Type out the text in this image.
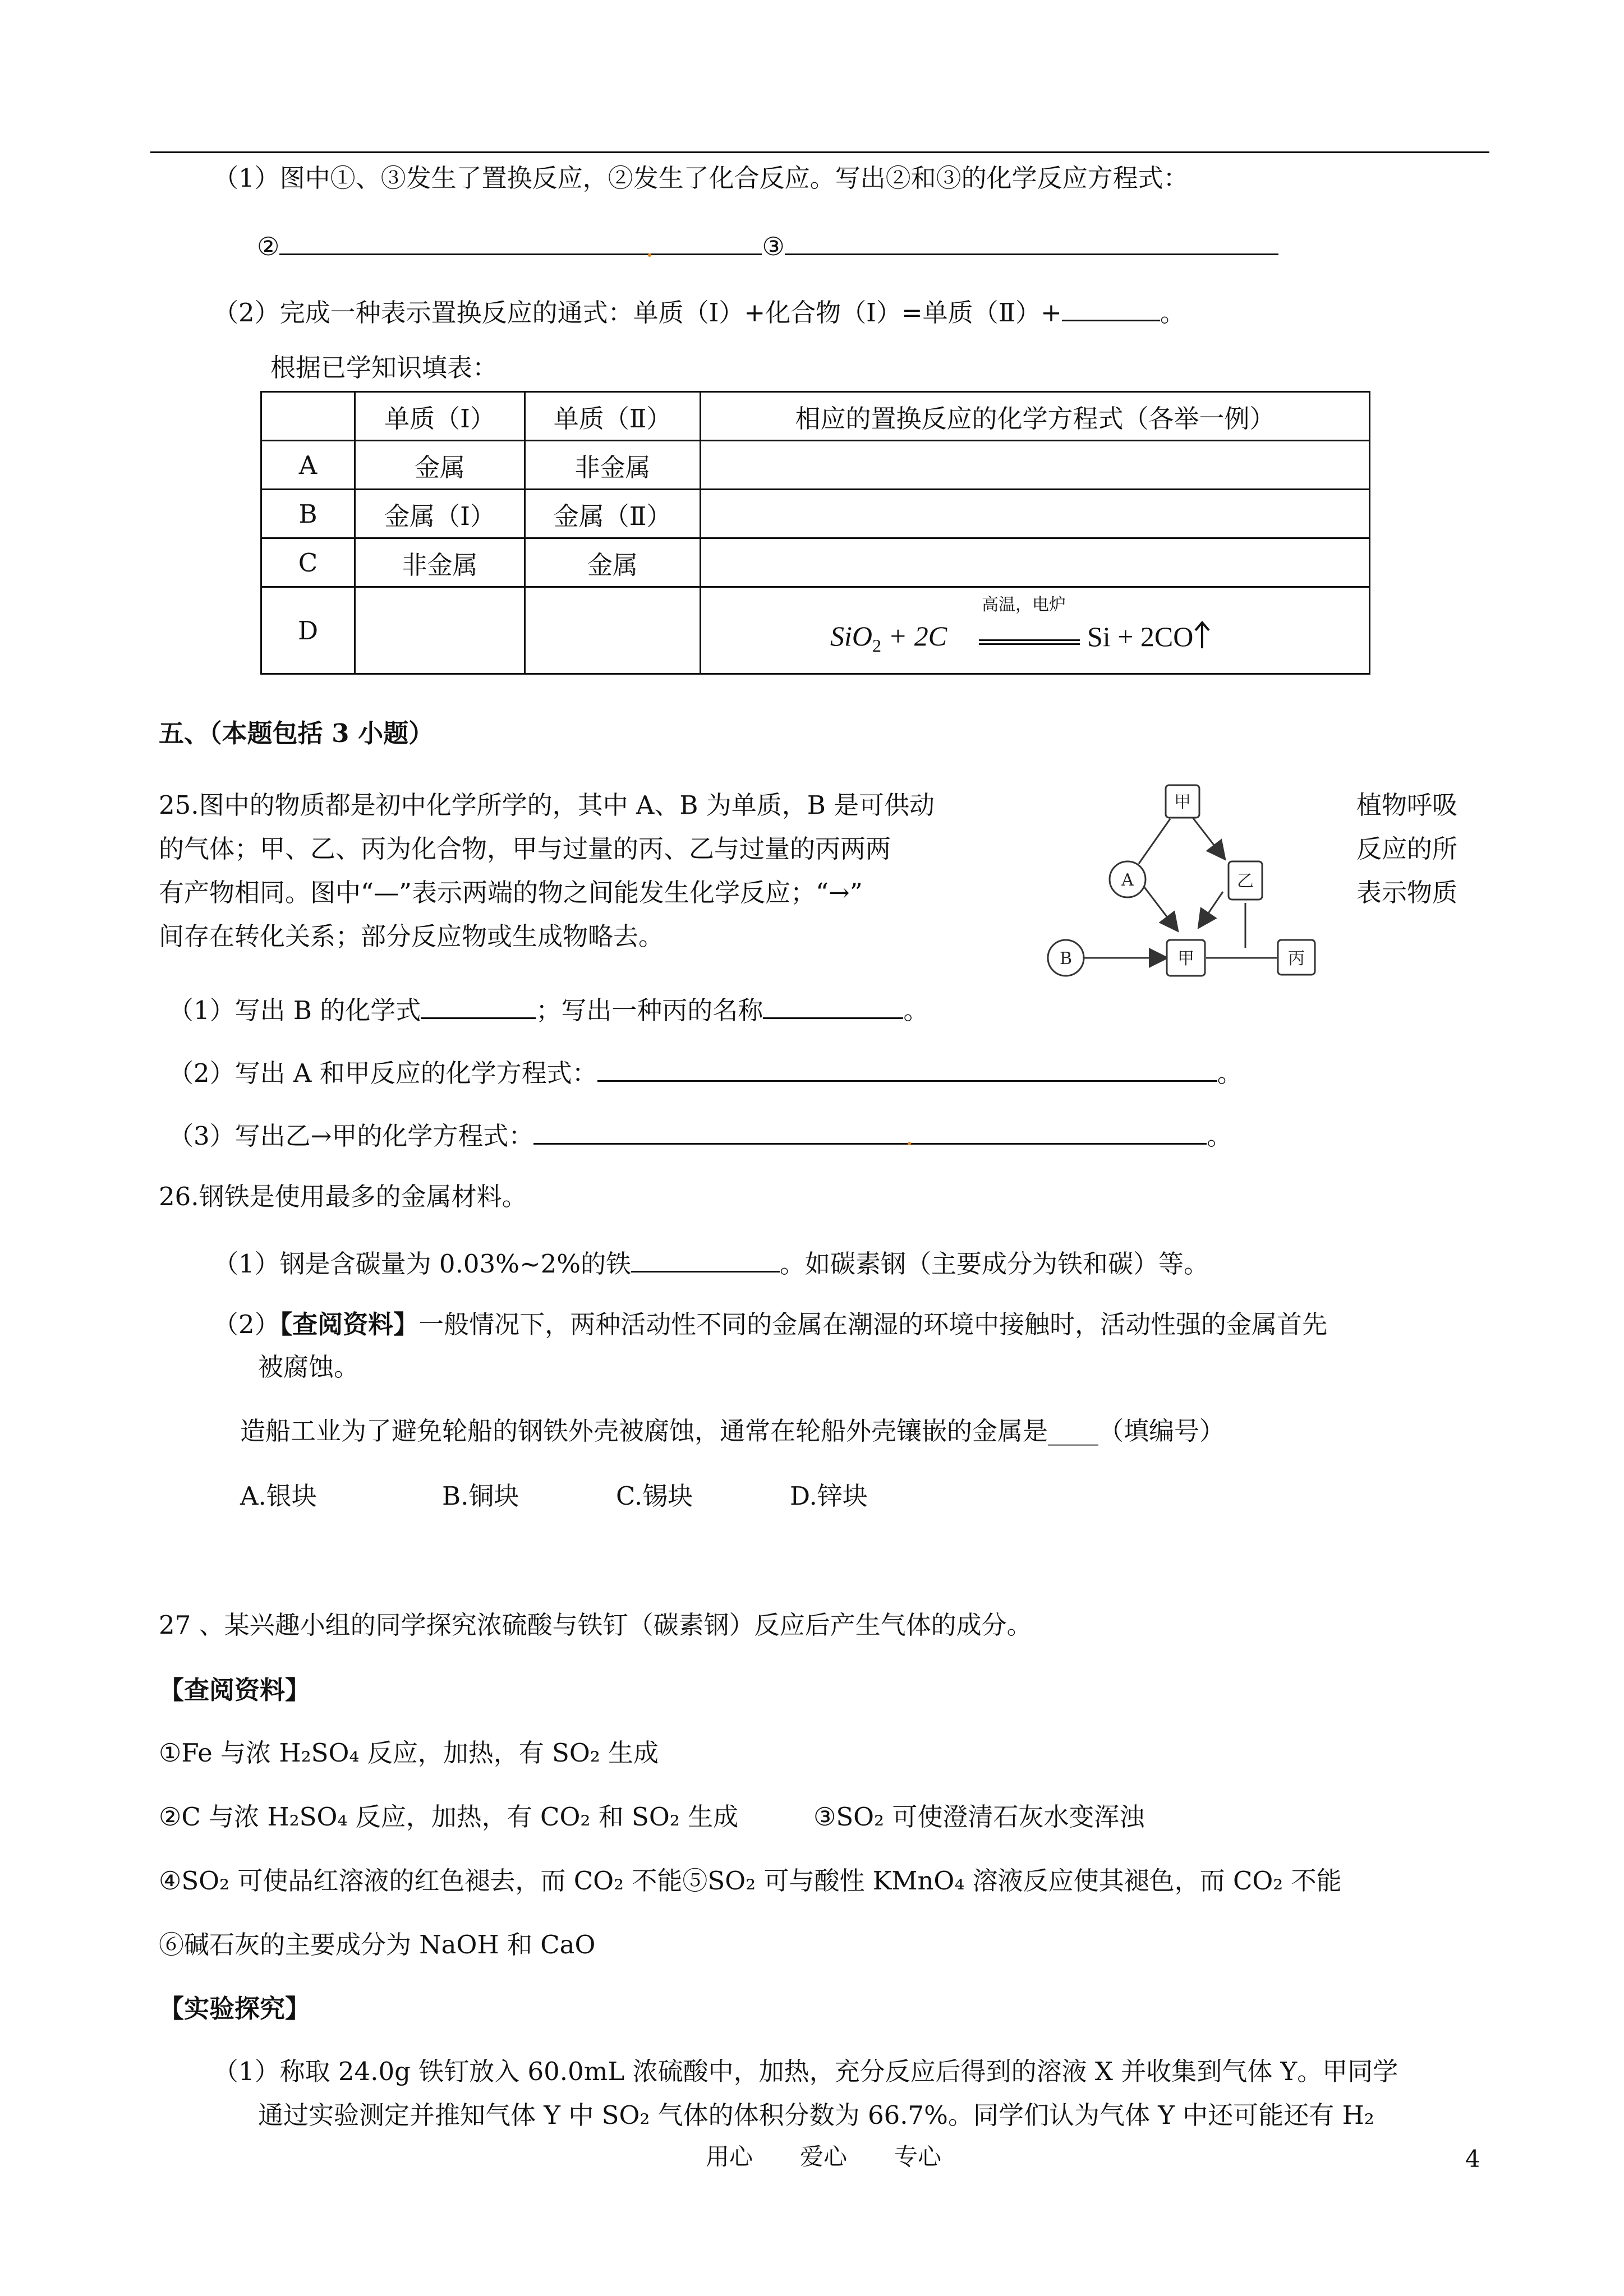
（1）图中①、③发生了置换反应，②发生了化合反应。写出②和③的化学反应方程式：
②	③
（2）完成一种表示置换反应的通式：单质（Ⅰ）+化合物（Ⅰ）=单质（Ⅱ）+	。
根据已学知识填表：
	单质（Ⅰ）	单质（Ⅱ）	相应的置换反应的化学方程式（各举一例）
A	金属	非金属	
B	金属（Ⅰ）	金属（Ⅱ）	
C	非金属	金属	
D			高温，电炉
SiO$_2$ + 2C Si + 2CO
五、（本题包括 3 小题）
25.图中的物质都是初中化学所学的，其中 A、B 为单质，B 是可供动
的气体；甲、乙、丙为化合物，甲与过量的丙、乙与过量的丙两两
有产物相同。图中“—”表示两端的物之间能发生化学反应；“→”
间存在转化关系；部分反应物或生成物略去。
植物呼吸
反应的所
表示物质
甲
A	乙
B	甲	丙
（1）写出 B 的化学式	；写出一种丙的名称	。
（2）写出 A 和甲反应的化学方程式：	。
（3）写出乙→甲的化学方程式：	。
26.钢铁是使用最多的金属材料。
（1）钢是含碳量为 0.03%~2%的铁	。如碳素钢（主要成分为铁和碳）等。
（2）【查阅资料】一般情况下，两种活动性不同的金属在潮湿的环境中接触时，活动性强的金属首先
被腐蚀。
造船工业为了避免轮船的钢铁外壳被腐蚀，通常在轮船外壳镶嵌的金属是____（填编号）
A.银块	B.铜块	C.锡块	D.锌块
27 、某兴趣小组的同学探究浓硫酸与铁钉（碳素钢）反应后产生气体的成分。
【查阅资料】
①Fe 与浓 H₂SO₄ 反应，加热，有 SO₂ 生成
②C 与浓 H₂SO₄ 反应，加热，有 CO₂ 和 SO₂ 生成	③SO₂ 可使澄清石灰水变浑浊
④SO₂ 可使品红溶液的红色褪去，而 CO₂ 不能⑤SO₂ 可与酸性 KMnO₄ 溶液反应使其褪色，而 CO₂ 不能
⑥碱石灰的主要成分为 NaOH 和 CaO
【实验探究】
（1）称取 24.0g 铁钉放入 60.0mL 浓硫酸中，加热，充分反应后得到的溶液 X 并收集到气体 Y。甲同学
通过实验测定并推知气体 Y 中 SO₂ 气体的体积分数为 66.7%。同学们认为气体 Y 中还可能还有 H₂
用心　　爱心　　专心	4
